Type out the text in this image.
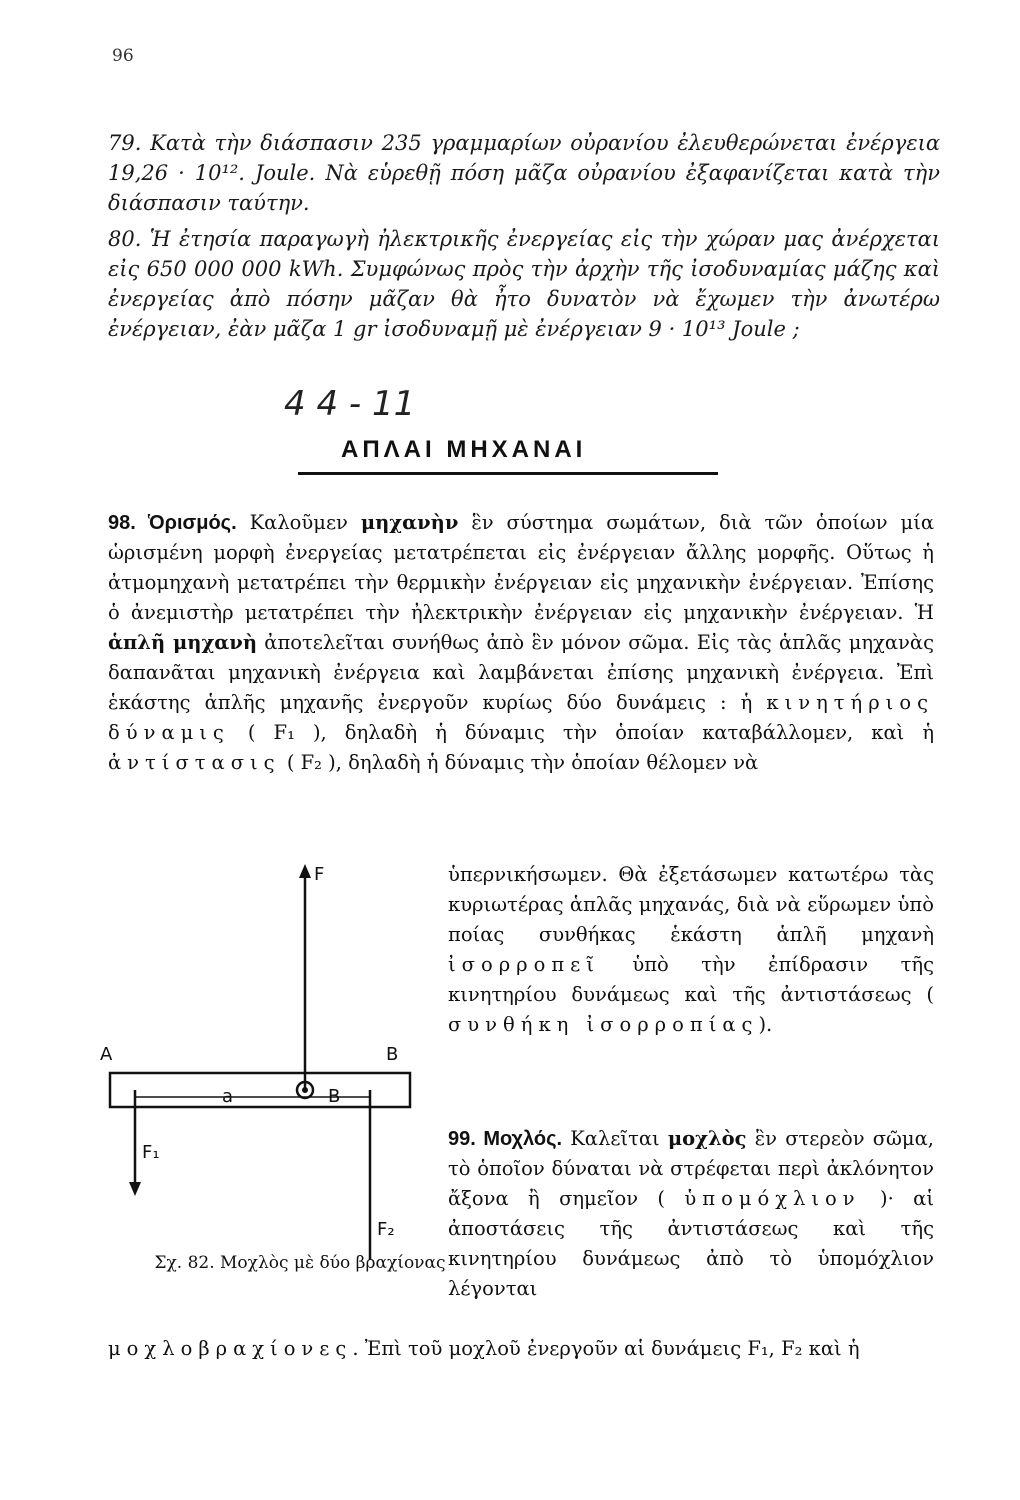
96
79. Κατὰ τὴν διάσπασιν 235 γραμμαρίων οὐρανίου ἐλευθερώνεται ἐνέργεια 19,26 · 10¹². Joule. Νὰ εὑρεθῇ πόση μᾶζα οὐρανίου ἐξαφανίζεται κατὰ τὴν διάσπασιν ταύτην.
80. Ἡ ἐτησία παραγωγὴ ἠλεκτρικῆς ἐνεργείας εἰς τὴν χώραν μας ἀνέρχεται εἰς 650 000 000 kWh. Συμφώνως πρὸς τὴν ἀρχὴν τῆς ἰσοδυναμίας μάζης καὶ ἐνεργείας ἀπὸ πόσην μᾶζαν θὰ ἦτο δυνατὸν νὰ ἔχωμεν τὴν ἀνωτέρω ἐνέργειαν, ἐὰν μᾶζα 1 gr ἰσοδυναμῇ μὲ ἐνέργειαν 9 · 10¹³ Joule ;
4 4 - 11
ΑΠΛΑΙ ΜΗΧΑΝΑΙ
98. Ὁρισμός. Καλοῦμεν μηχανὴν ἓν σύστημα σωμάτων, διὰ τῶν ὁποίων μία ὡρισμένη μορφὴ ἐνεργείας μετατρέπεται εἰς ἐνέργειαν ἄλλης μορφῆς. Οὕτως ἡ ἀτμομηχανὴ μετατρέπει τὴν θερμικὴν ἐνέργειαν εἰς μηχανικὴν ἐνέργειαν. Ἐπίσης ὁ ἀνεμιστὴρ μετατρέπει τὴν ἠλεκτρικὴν ἐνέργειαν εἰς μηχανικὴν ἐνέργειαν. Ἡ ἁπλῆ μηχανὴ ἀποτελεῖται συνήθως ἀπὸ ἓν μόνον σῶμα. Εἰς τὰς ἁπλᾶς μηχανὰς δαπανᾶται μηχανικὴ ἐνέργεια καὶ λαμβάνεται ἐπίσης μηχανικὴ ἐνέργεια. Ἐπὶ ἑκάστης ἁπλῆς μηχανῆς ἐνεργοῦν κυρίως δύο δυνάμεις : ἡ κινητήριος δύναμις ( F₁ ), δηλαδὴ ἡ δύναμις τὴν ὁποίαν καταβάλλομεν, καὶ ἡ ἀντίστασις ( F₂ ), δηλαδὴ ἡ δύναμις τὴν ὁποίαν θέλομεν νὰ
ὑπερνικήσωμεν. Θὰ ἐξετάσωμεν κατωτέρω τὰς κυριωτέρας ἁπλᾶς μηχανάς, διὰ νὰ εὕρωμεν ὑπὸ ποίας συνθήκας ἑκάστη ἁπλῆ μηχανὴ ἰσορροπεῖ ὑπὸ τὴν ἐπίδρασιν τῆς κινητηρίου δυνάμεως καὶ τῆς ἀντιστάσεως ( συνθήκη ἰσορροπίας).
99. Μοχλός. Καλεῖται μοχλὸς ἓν στερεὸν σῶμα, τὸ ὁποῖον δύναται νὰ στρέφεται περὶ ἀκλόνητον ἄξονα ἢ σημεῖον ( ὑπομόχλιον )· αἱ ἀποστάσεις τῆς ἀντιστάσεως καὶ τῆς κινητηρίου δυνάμεως ἀπὸ τὸ ὑπομόχλιον λέγονται
μοχλοβραχίονες. Ἐπὶ τοῦ μοχλοῦ ἐνεργοῦν αἱ δυνάμεις F₁, F₂ καὶ ἡ
F
A	B
a	B
F₁
F₂
Σχ. 82. Μοχλὸς μὲ δύο βραχίονας
